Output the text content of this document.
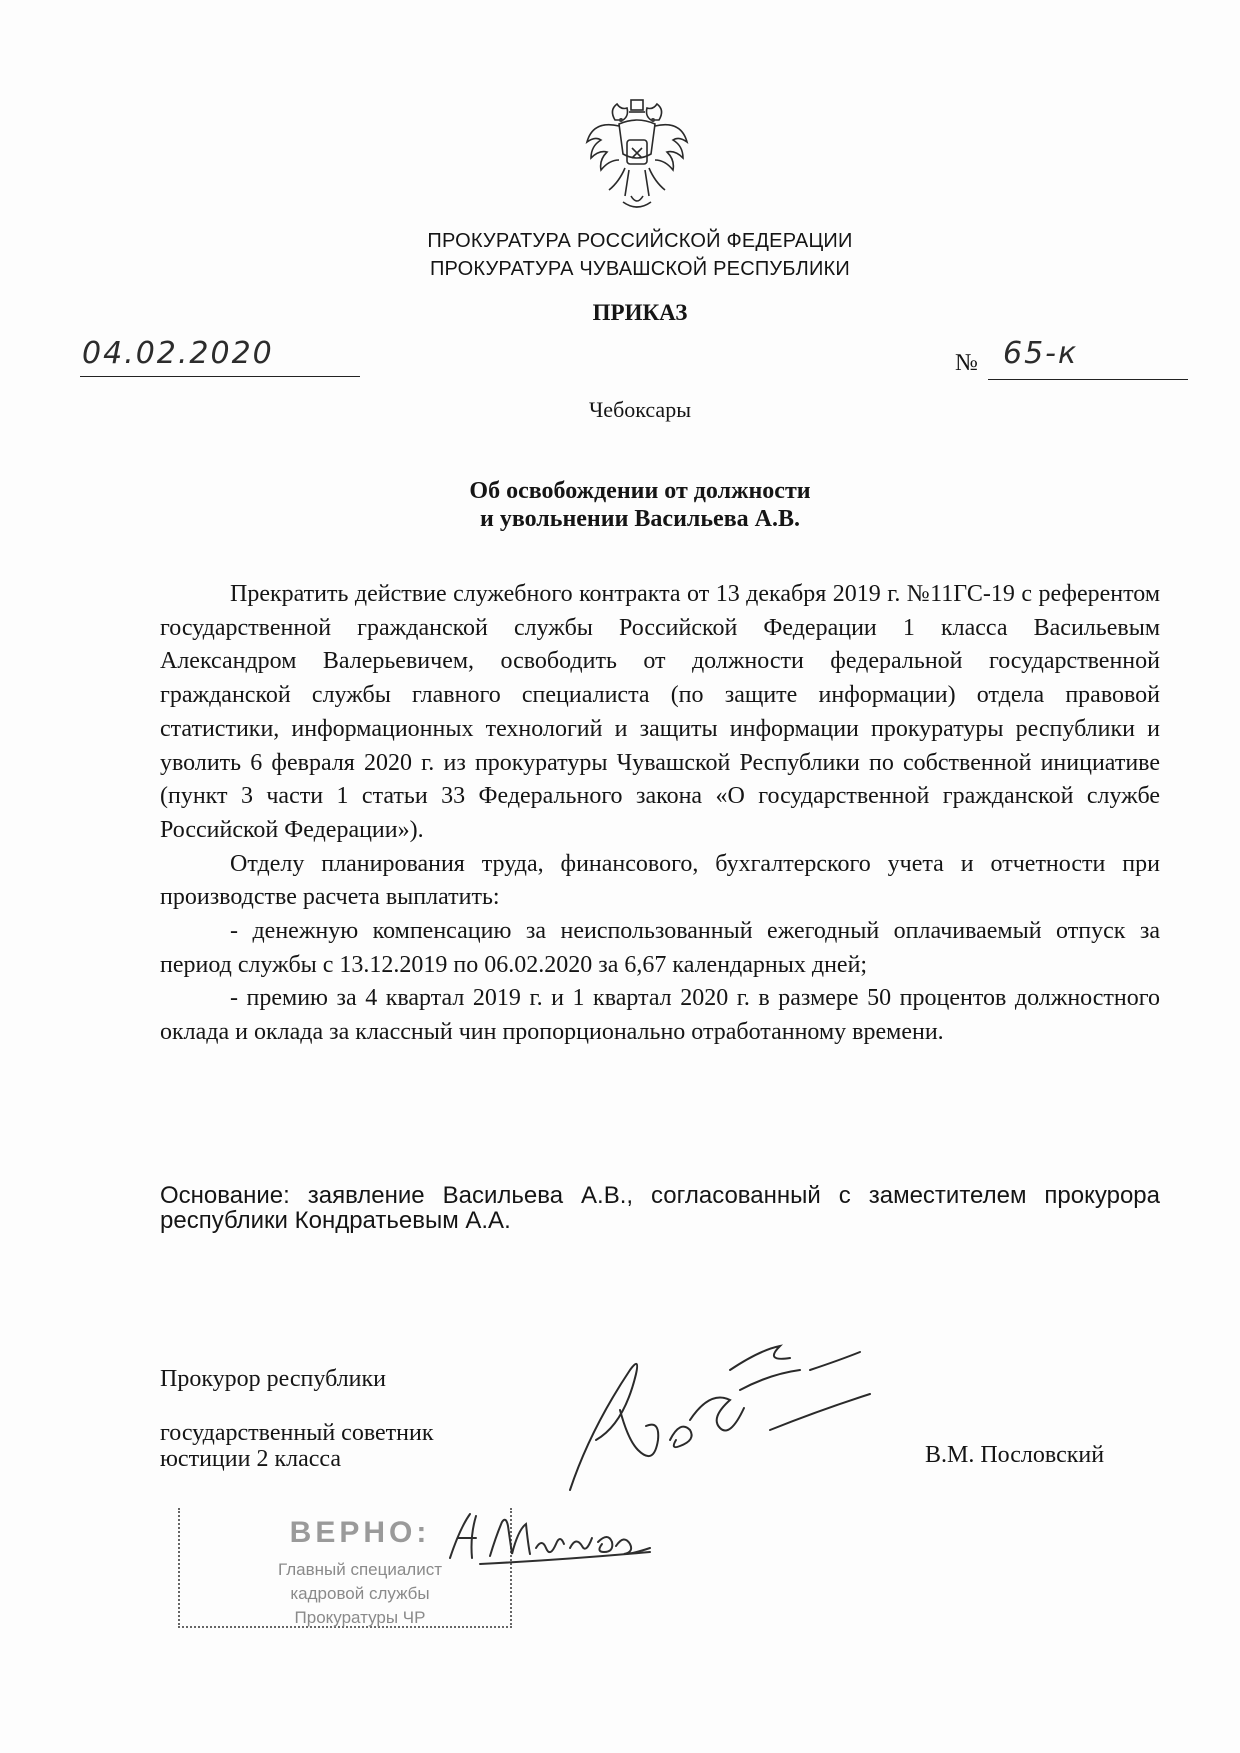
ПРОКУРАТУРА РОССИЙСКОЙ ФЕДЕРАЦИИ
ПРОКУРАТУРА ЧУВАШСКОЙ РЕСПУБЛИКИ
ПРИКАЗ
04.02.2020	№ 65-к
Чебоксары
Об освобождении от должности
и увольнении Васильева А.В.

Прекратить действие служебного контракта от 13 декабря 2019 г. №11ГС-19 с референтом государственной гражданской службы Российской Федерации 1 класса Васильевым Александром Валерьевичем, освободить от должности федеральной государственной гражданской службы главного специалиста (по защите информации) отдела правовой статистики, информационных технологий и защиты информации прокуратуры республики и уволить 6 февраля 2020 г. из прокуратуры Чувашской Республики по собственной инициативе (пункт 3 части 1 статьи 33 Федерального закона «О государственной гражданской службе Российской Федерации»).

Отделу планирования труда, финансового, бухгалтерского учета и отчетности при производстве расчета выплатить:

- денежную компенсацию за неиспользованный ежегодный оплачиваемый отпуск за период службы с 13.12.2019 по 06.02.2020 за 6,67 календарных дней;

- премию за 4 квартал 2019 г. и 1 квартал 2020 г. в размере 50 процентов должностного оклада и оклада за классный чин пропорционально отработанному времени.

Основание: заявление Васильева А.В., согласованный с заместителем прокурора республики Кондратьевым А.А.
Прокурор республики
государственный советник
юстиции 2 класса	В.М. Пословский
ВЕРНО:
Главный специалист
кадровой службы
Прокуратуры ЧР
